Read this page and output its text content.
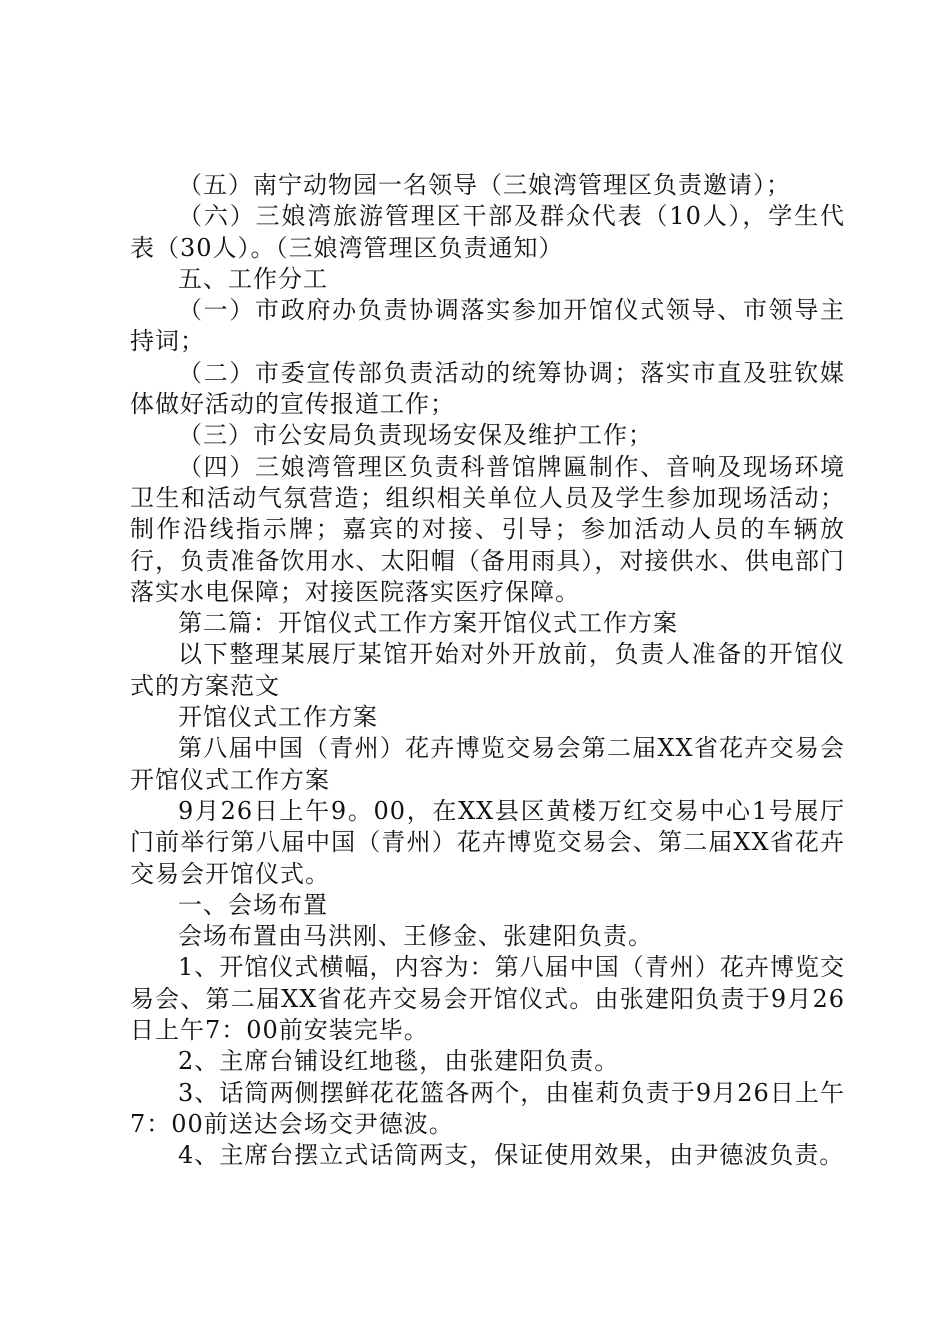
（五）南宁动物园一名领导（三娘湾管理区负责邀请）；

（六）三娘湾旅游管理区干部及群众代表（10人），学生代表（30人）。（三娘湾管理区负责通知）

五、工作分工

（一）市政府办负责协调落实参加开馆仪式领导、市领导主持词；

（二）市委宣传部负责活动的统筹协调；落实市直及驻钦媒体做好活动的宣传报道工作；

（三）市公安局负责现场安保及维护工作；

（四）三娘湾管理区负责科普馆牌匾制作、音响及现场环境卫生和活动气氛营造；组织相关单位人员及学生参加现场活动；制作沿线指示牌；嘉宾的对接、引导；参加活动人员的车辆放行，负责准备饮用水、太阳帽（备用雨具），对接供水、供电部门落实水电保障；对接医院落实医疗保障。

第二篇：开馆仪式工作方案开馆仪式工作方案

以下整理某展厅某馆开始对外开放前，负责人准备的开馆仪式的方案范文

开馆仪式工作方案

第八届中国（青州）花卉博览交易会第二届XX省花卉交易会开馆仪式工作方案

9月26日上午9。00，在XX县区黄楼万红交易中心1号展厅门前举行第八届中国（青州）花卉博览交易会、第二届XX省花卉交易会开馆仪式。

一、会场布置

会场布置由马洪刚、王修金、张建阳负责。

1、开馆仪式横幅，内容为：第八届中国（青州）花卉博览交易会、第二届XX省花卉交易会开馆仪式。由张建阳负责于9月26日上午7：00前安装完毕。

2、主席台铺设红地毯，由张建阳负责。

3、话筒两侧摆鲜花花篮各两个，由崔莉负责于9月26日上午7：00前送达会场交尹德波。

4、主席台摆立式话筒两支，保证使用效果，由尹德波负责。
